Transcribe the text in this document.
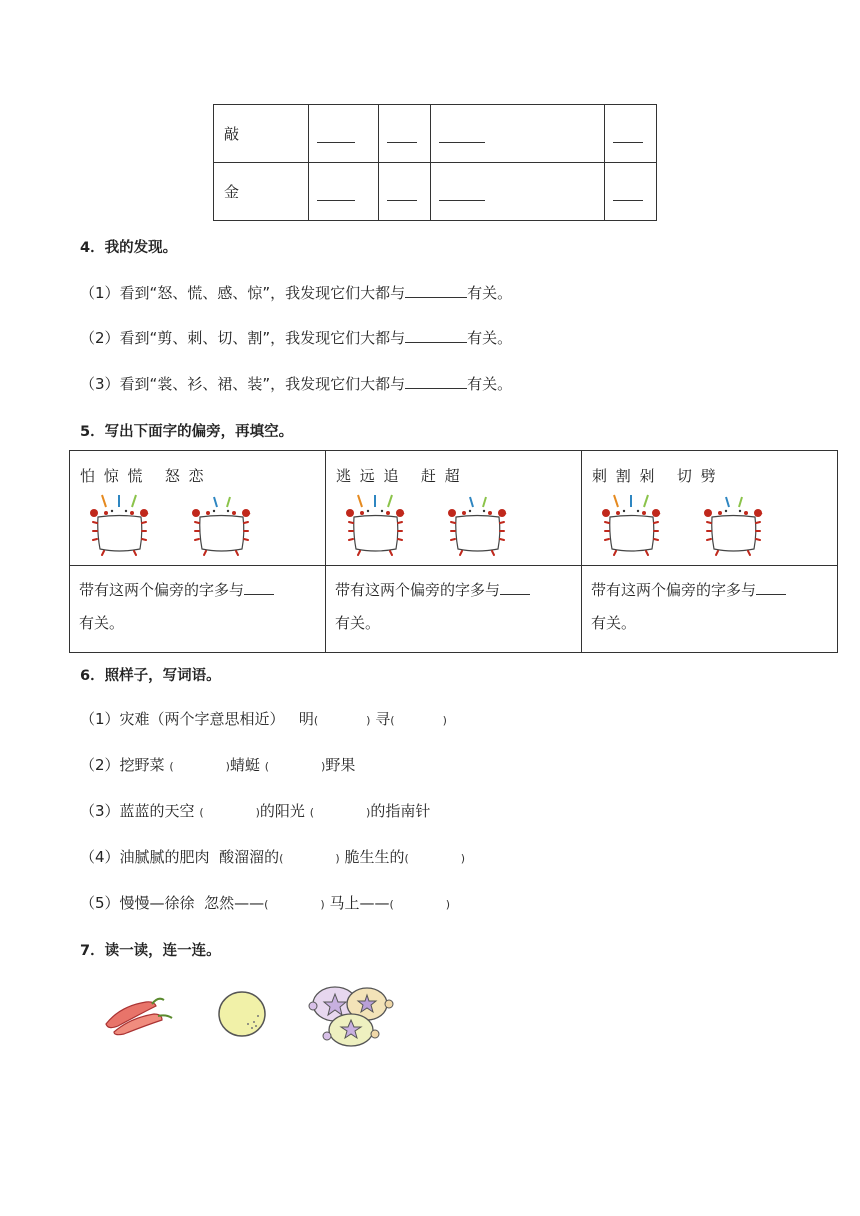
敲				
金				
4．我的发现。
（1）看到“怒、慌、感、惊”，我发现它们大都与	有关。
（2）看到“剪、刺、切、割”，我发现它们大都与	有关。
（3）看到“裳、衫、裙、装”，我发现它们大都与	有关。
5．写出下面字的偏旁，再填空。
怕 惊 慌 怒 恋	逃 远 追 赶 超	刺 割 剁 切 劈

带有这两个偏旁的字多与
有关。	带有这两个偏旁的字多与
有关。	带有这两个偏旁的字多与
有关。
6．照样子，写词语。
（1）灾难（两个字意思相近） 明(	) 寻(	)
（2）挖野菜 (	)蜻蜓 (	)野果
（3）蓝蓝的天空 (	)的阳光 (	)的指南针
（4）油腻腻的肥肉 酸溜溜的(	) 脆生生的(	)
（5）慢慢—徐徐 忽然——(	) 马上——(	)
7．读一读，连一连。
